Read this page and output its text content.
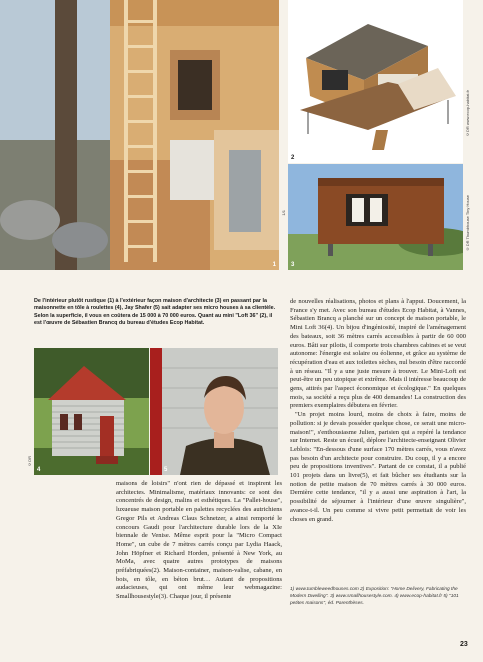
1
1/1
2
©DR www.ecop-habitat.fr
3
©DR Thumbhouse Tiny House
De l'intérieur plutôt rustique (1) à l'extérieur façon maison d'architecte (3) en passant par la maisonnette en tôle à roulettes (4), Jay Shafer (5) sait adapter ses micro houses à sa clientèle. Selon la superficie, il vous en coûtera de 15 000 à 70 000 euros. Quant au mini "Loft 36" (2), il est l'œuvre de Sébastien Brancq du bureau d'études Ecop Habitat.
4
©DR
5

maisons de loisirs" n'ont rien de dépassé et inspirent les architectes. Minimalisme, matériaux innovants: ce sont des concentrés de design, malins et esthétiques. La "Pallet-house", luxueuse maison portable en palettes recyclées des autrichiens Gregor Pils et Andreas Claus Schnetzer, a ainsi remporté le concours Gaudi pour l'architecture durable lors de la XIe biennale de Venise. Même esprit pour la "Micro Compact Home", un cube de 7 mètres carrés conçu par Lydia Haack, John Höpfner et Richard Horden, présenté à New York, au MoMa, avec quatre autres prototypes de maisons préfabriquées(2). Maison-container, maison-valise, cabane, en bois, en tôle, en béton brut… Autant de propositions audacieuses, qui ont même leur webmagazine: Smallhousestyle(3). Chaque jour, il présente

de nouvelles réalisations, photos et plans à l'appui. Doucement, la France s'y met. Avec son bureau d'études Ecop Habitat, à Vannes, Sébastien Brancq a planché sur un concept de maison portable, le Mini Loft 36(4). Un bijou d'ingéniosité, inspiré de l'aménagement des bateaux, soit 36 mètres carrés accessibles à partir de 60 000 euros. Bâti sur pilotis, il comporte trois chambres cabines et se veut autonome: l'énergie est solaire ou éolienne, et grâce au système de récupération d'eau et aux toilettes sèches, nul besoin d'être raccordé à un réseau. "Il y a une juste mesure à trouver. Le Mini-Loft est peut-être un peu utopique et extrême. Mais il intéresse beaucoup de gens, attirés par l'aspect économique et écologique." En quelques mois, sa société a reçu plus de 400 demandes! La construction des premiers exemplaires débutera en février.

"Un projet moins lourd, moins de choix à faire, moins de pollution: si je devais posséder quelque chose, ce serait une micro-maison!", s'enthousiasme Julien, parisien qui a repéré la tendance sur Internet. Reste un écueil, déplore l'architecte-enseignant Olivier Leblois: "En-dessous d'une surface 170 mètres carrés, vous n'avez pas besoin d'un architecte pour construire. Du coup, il y a encore peu de propositions inventives". Partant de ce constat, il a publié 101 projets dans un livre(5), et fait bûcher ses étudiants sur la notion de petite maison de 70 mètres carrés à 30 000 euros. Dernière cette tendance, "il y a aussi une aspiration à l'art, la possibilité de séjourner à l'intérieur d'une œuvre singulière", avance-t-il. Un peu comme si vivre petit permettait de voir les choses en grand.

1) www.tumbleweedhouses.com 2) Exposition: "Home Delivery, Fabricating the Modern Dwelling". 3) www.smallhousestyle.com. 4) www.ecop-habitat.fr 5) "101 petites maisons", éd. Parenthèses.
23
